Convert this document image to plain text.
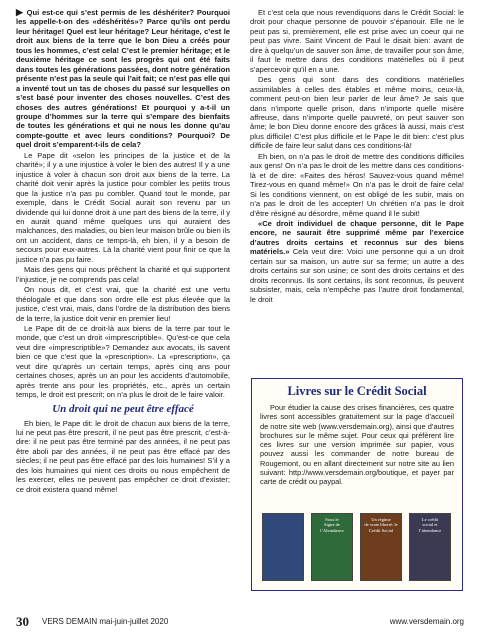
▶ Qui est-ce qui s’est permis de les déshériter? Pourquoi les appelle-t-on des «déshérités»? Parce qu’ils ont perdu leur héritage! Quel est leur héritage? Leur héritage, c’est le droit aux biens de la terre que le bon Dieu a créés pour tous les hommes, c’est cela! C’est le premier héritage; et le deuxième héritage ce sont les progrès qui ont été faits dans toutes les générations passées, dont notre génération présente n’est pas la seule qui l’ait fait; ce n’est pas elle qui a inventé tout un tas de choses du passé sur lesquelles on s’est basé pour inventer des choses nouvelles. C’est des choses des autres générations! Et pourquoi y a-t-il un groupe d’hommes sur la terre qui s’empare des bienfaits de toutes les générations et qui ne nous les donne qu’au compte-goutte et avec leurs conditions? Pourquoi? De quel droit s’emparent-t-ils de cela?

Le Pape dit «selon les principes de la justice et de la charité»; il y a une injustice à voler le bien des autres! Il y a une injustice à voler à chacun son droit aux biens de la terre. La charité doit venir après la justice pour combler les petits trous que la justice n’a pas pu combler. Quand tout le monde, par exemple, dans le Crédit Social aurait son revenu par un dividende qui lui donne droit à une part des biens de la terre, il y en aurait quand même quelques uns qui auraient des malchances, des maladies, ou bien leur maison brûle ou bien ils ont un accident, dans ce temps-là, eh bien, il y a besoin de secours pour eux-autres. Là la charité vient pour finir ce que la justice n’a pas pu faire.

Mais des gens qui nous prêchent la charité et qui supportent l’injustice, je ne comprends pas cela!

On nous dit, et c’est vrai, que la charité est une vertu théologale et que dans son ordre elle est plus élevée que la justice, c’est vrai, mais, dans l’ordre de la distribution des biens de la terre, la justice doit venir en premier lieu!

Le Pape dit de ce droit-là aux biens de la terre par tout le monde, que c’est un droit «imprescriptible». Qu’est-ce que cela veut dire «imprescriptible»? Demandez aux avocats, ils savent bien ce que c’est que la «prescription». La «prescription», ça veut dire qu’après un certain temps, après cinq ans pour certaines choses, après un an pour les accidents d’automobile, après trente ans pour les propriétés, etc., après un certain temps, le droit est prescrit; on n’a plus le droit de le faire valoir.

Un droit qui ne peut être effacé

Eh bien, le Pape dit: le droit de chacun aux biens de la terre, lui ne peut pas être prescrit, il ne peut pas être prescrit, c’est-à-dire: il ne peut pas être terminé par des années, il ne peut pas être aboli par des années, il ne peut pas être effacé par des siècles; il ne peut pas être effacé par des lois humaines! S’il y a des lois humaines qui nient ces droits ou nous empêchent de les exercer, elles ne peuvent pas empêcher ce droit d’exister; ce droit existera quand même!

Et c’est cela que nous revendiquons dans le Crédit Social: le droit pour chaque personne de pouvoir s’épanouir. Elle ne le peut pas si, premièrement, elle est prise avec un coeur qui ne peut pas vivre. Saint Vincent de Paul le disait bien: avant de dire à quelqu’un de sauver son âme, de travailler pour son âme, il faut le mettre dans des conditions matérielles où il peut s’apercevoir qu’il en a une.

Des gens qui sont dans des conditions matérielles assimilables à celles des étables et même moins, ceux-là, comment peut-on bien leur parler de leur âme? Je sais que dans n’importe quelle prison, dans n’importe quelle misère affreuse, dans n’importe quelle pauvreté, on peut sauver son âme; le bon Dieu donne encore des grâces là aussi, mais c’est plus difficile! C’est plus difficile et le Pape le dit bien: c’est plus difficile de faire leur salut dans ces conditions-là!

Eh bien, on n’a pas le droit de mettre des conditions difficiles aux gens! On n’a pas le droit de les mettre dans ces conditions-là et de dire: «Faites des héros! Sauvez-vous quand même! Tirez-vous en quand même!» On n’a pas le droit de faire cela! Si les conditions viennent, on est obligé de les subir, mais on n’a pas le droit de les accepter! Un chrétien n’a pas le droit d’être résigné au désordre, même quand il le subit!

«Ce droit individuel de chaque personne, dit le Pape encore, ne saurait être supprimé même par l’exercice d’autres droits certains et reconnus sur des biens matériels.» Cela veut dire: Voici une personne qui a un droit certain sur sa maison, un autre sur sa ferme; un autre a des droits certains sur son usine; ce sont des droits certains et des droits reconnus. Ils sont certains, ils sont reconnus, ils peuvent subsister, mais, cela n’empêche pas l’autre droit fondamental, le droit

Livres sur le Crédit Social
Pour étudier la cause des crises financières, ces quatre livres sont accessibles gratuitement sur la page d’accueil de notre site web (www.versdemain.org), ainsi que d’autres brochures sur le même sujet. Pour ceux qui préfèrent lire ces livres sur une version imprimée sur papier, vous pouvez aussi les commander de notre bureau de Rougemont, ou en allant directement sur notre site au lien suivant: http://www.versdemain.org/boutique, et payer par carte de crédit ou paypal.
Sous le
Signe de l’Abondance
Un régime
de vraie liberté: le Crédit Social
Le crédit
social et l’abondance
30 VERS DEMAIN mai-juin-juillet 2020	www.versdemain.org
